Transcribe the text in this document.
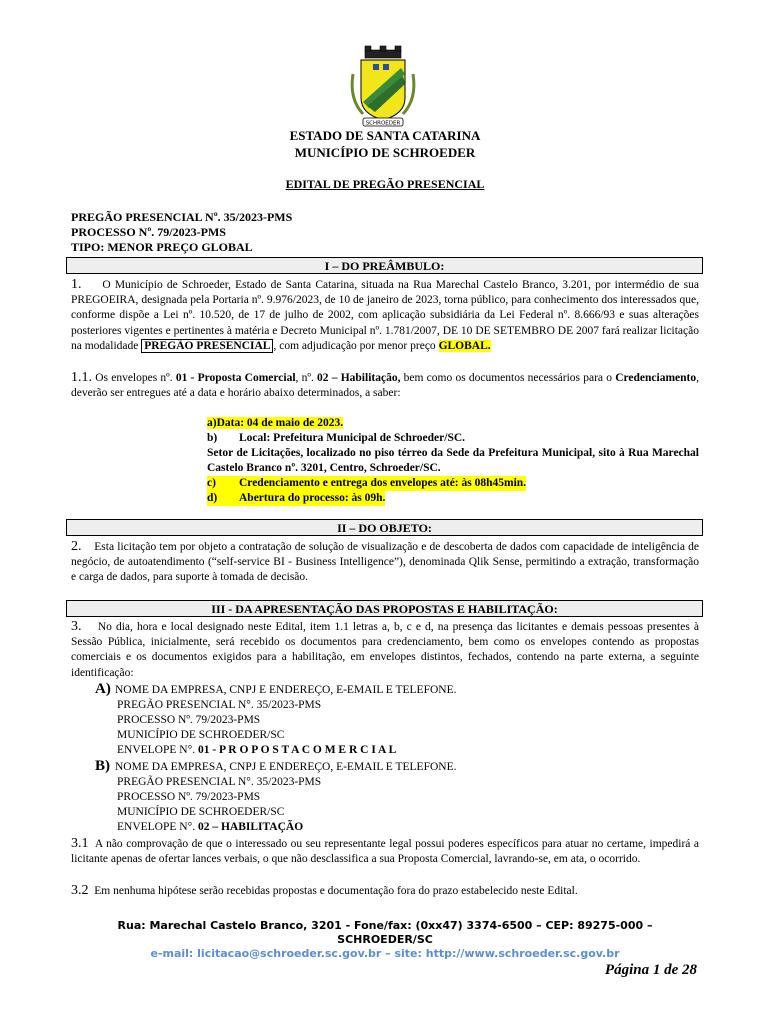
SCHROEDER
ESTADO DE SANTA CATARINA
MUNICÍPIO DE SCHROEDER
EDITAL DE PREGÃO PRESENCIAL
PREGÃO PRESENCIAL Nº. 35/2023-PMS
PROCESSO Nº. 79/2023-PMS
TIPO: MENOR PREÇO GLOBAL
I – DO PREÂMBULO:
1. O Município de Schroeder, Estado de Santa Catarina, situada na Rua Marechal Castelo Branco, 3.201, por intermédio de sua PREGOEIRA, designada pela Portaria nº. 9.976/2023, de 10 de janeiro de 2023, torna público, para conhecimento dos interessados que, conforme dispõe a Lei nº. 10.520, de 17 de julho de 2002, com aplicação subsidiária da Lei Federal nº. 8.666/93 e suas alterações posteriores vigentes e pertinentes à matéria e Decreto Municipal nº. 1.781/2007, DE 10 DE SETEMBRO DE 2007 fará realizar licitação na modalidade PREGÃO PRESENCIAL , com adjudicação por menor preço GLOBAL.
1.1. Os envelopes nº. 01 - Proposta Comercial, nº. 02 – Habilitação, bem como os documentos necessários para o Credenciamento, deverão ser entregues até a data e horário abaixo determinados, a saber:
a)Data: 04 de maio de 2023.
b)	Local: Prefeitura Municipal de Schroeder/SC.
Setor de Licitações, localizado no piso térreo da Sede da Prefeitura Municipal, sito à Rua Marechal Castelo Branco nº. 3201, Centro, Schroeder/SC.
c)	Credenciamento e entrega dos envelopes até: às 08h45min.

d)	Abertura do processo: às 09h.
II – DO OBJETO:
2. Esta licitação tem por objeto a contratação de solução de visualização e de descoberta de dados com capacidade de inteligência de negócio, de autoatendimento (“self-service BI - Business Intelligence”), denominada Qlik Sense, permitindo a extração, transformação e carga de dados, para suporte à tomada de decisão.
III - DA APRESENTAÇÃO DAS PROPOSTAS E HABILITAÇÃO:
3. No dia, hora e local designado neste Edital, item 1.1 letras a, b, c e d, na presença das licitantes e demais pessoas presentes à Sessão Pública, inicialmente, será recebido os documentos para credenciamento, bem como os envelopes contendo as propostas comerciais e os documentos exigidos para a habilitação, em envelopes distintos, fechados, contendo na parte externa, a seguinte identificação:
A) NOME DA EMPRESA, CNPJ E ENDEREÇO, E-EMAIL E TELEFONE.
PREGÃO PRESENCIAL N°. 35/2023-PMS
PROCESSO Nº. 79/2023-PMS
MUNICÍPIO DE SCHROEDER/SC
ENVELOPE N°. 01 - P R O P O S T A C O M E R C I A L
B) NOME DA EMPRESA, CNPJ E ENDEREÇO, E-EMAIL E TELEFONE.
PREGÃO PRESENCIAL N°. 35/2023-PMS
PROCESSO Nº. 79/2023-PMS
MUNICÍPIO DE SCHROEDER/SC
ENVELOPE N°. 02 – HABILITAÇÃO
3.1 A não comprovação de que o interessado ou seu representante legal possui poderes específicos para atuar no certame, impedirá a licitante apenas de ofertar lances verbais, o que não desclassifica a sua Proposta Comercial, lavrando-se, em ata, o ocorrido.
3.2 Em nenhuma hipótese serão recebidas propostas e documentação fora do prazo estabelecido neste Edital.
Rua: Marechal Castelo Branco, 3201 - Fone/fax: (0xx47) 3374-6500 – CEP: 89275-000 –
SCHROEDER/SC
e-mail: licitacao@schroeder.sc.gov.br – site: http://www.schroeder.sc.gov.br
Página 1 de 28
